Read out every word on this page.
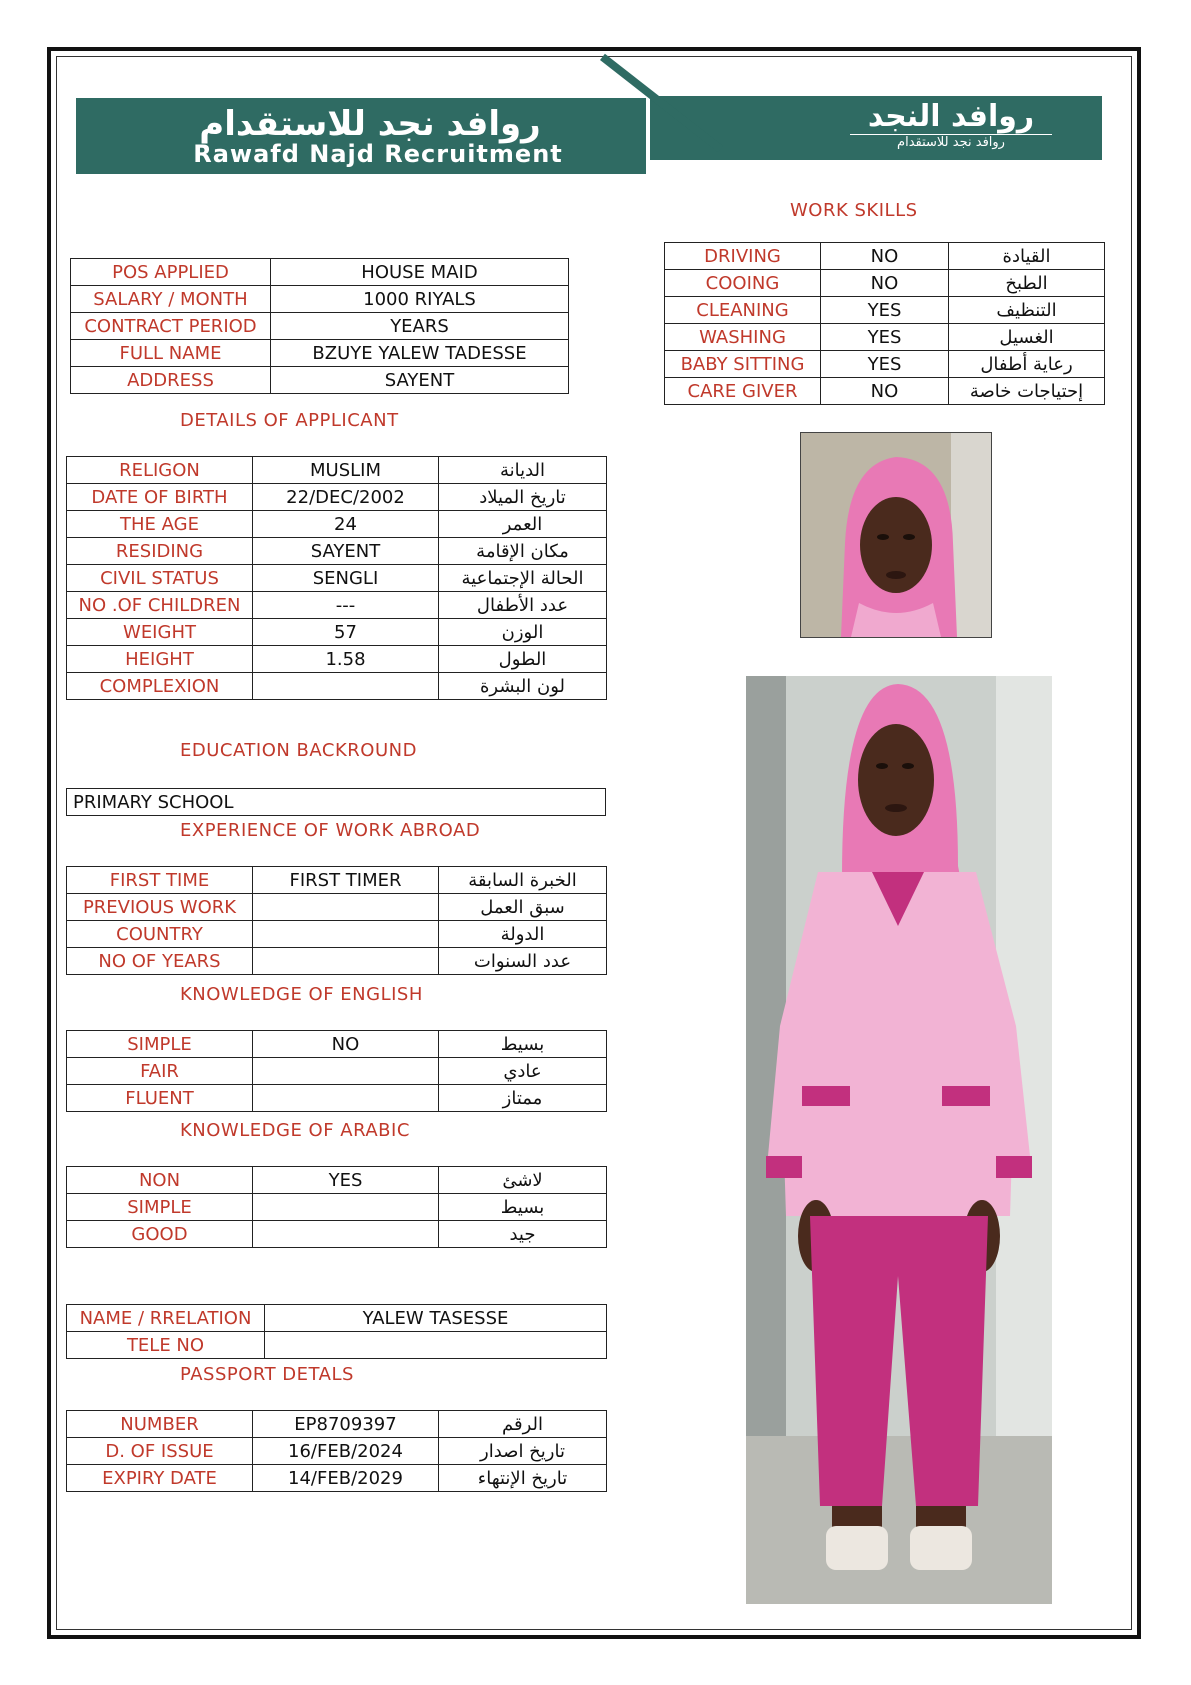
روافد نجد للاستقدام
Rawafd Najd Recruitment
روافد النجد
روافد نجد للاستقدام
WORK SKILLS
DRIVING	NO	القيادة
COOING	NO	الطبخ
CLEANING	YES	التنظيف
WASHING	YES	الغسيل
BABY SITTING	YES	رعاية أطفال
CARE GIVER	NO	إحتياجات خاصة
POS APPLIED	HOUSE MAID
SALARY / MONTH	1000 RIYALS
CONTRACT PERIOD	YEARS
FULL NAME	BZUYE YALEW TADESSE
ADDRESS	SAYENT
DETAILS OF APPLICANT
RELIGON	MUSLIM	الديانة
DATE OF BIRTH	22/DEC/2002	تاريخ الميلاد
THE AGE	24	العمر
RESIDING	SAYENT	مكان الإقامة
CIVIL STATUS	SENGLI	الحالة الإجتماعية
NO .OF CHILDREN	---	عدد الأطفال
WEIGHT	57	الوزن
HEIGHT	1.58	الطول
COMPLEXION		لون البشرة
EDUCATION BACKROUND
PRIMARY SCHOOL
EXPERIENCE OF WORK ABROAD
FIRST TIME	FIRST TIMER	الخبرة السابقة
PREVIOUS WORK		سبق العمل
COUNTRY		الدولة
NO OF YEARS		عدد السنوات
KNOWLEDGE OF ENGLISH
SIMPLE	NO	بسيط
FAIR		عادي
FLUENT		ممتاز
KNOWLEDGE OF ARABIC
NON	YES	لاشئ
SIMPLE		بسيط
GOOD		جيد
NAME / RRELATION	YALEW TASESSE
TELE NO	
PASSPORT DETALS
NUMBER	EP8709397	الرقم
D. OF ISSUE	16/FEB/2024	تاريخ اصدار
EXPIRY DATE	14/FEB/2029	تاريخ الإنتهاء
